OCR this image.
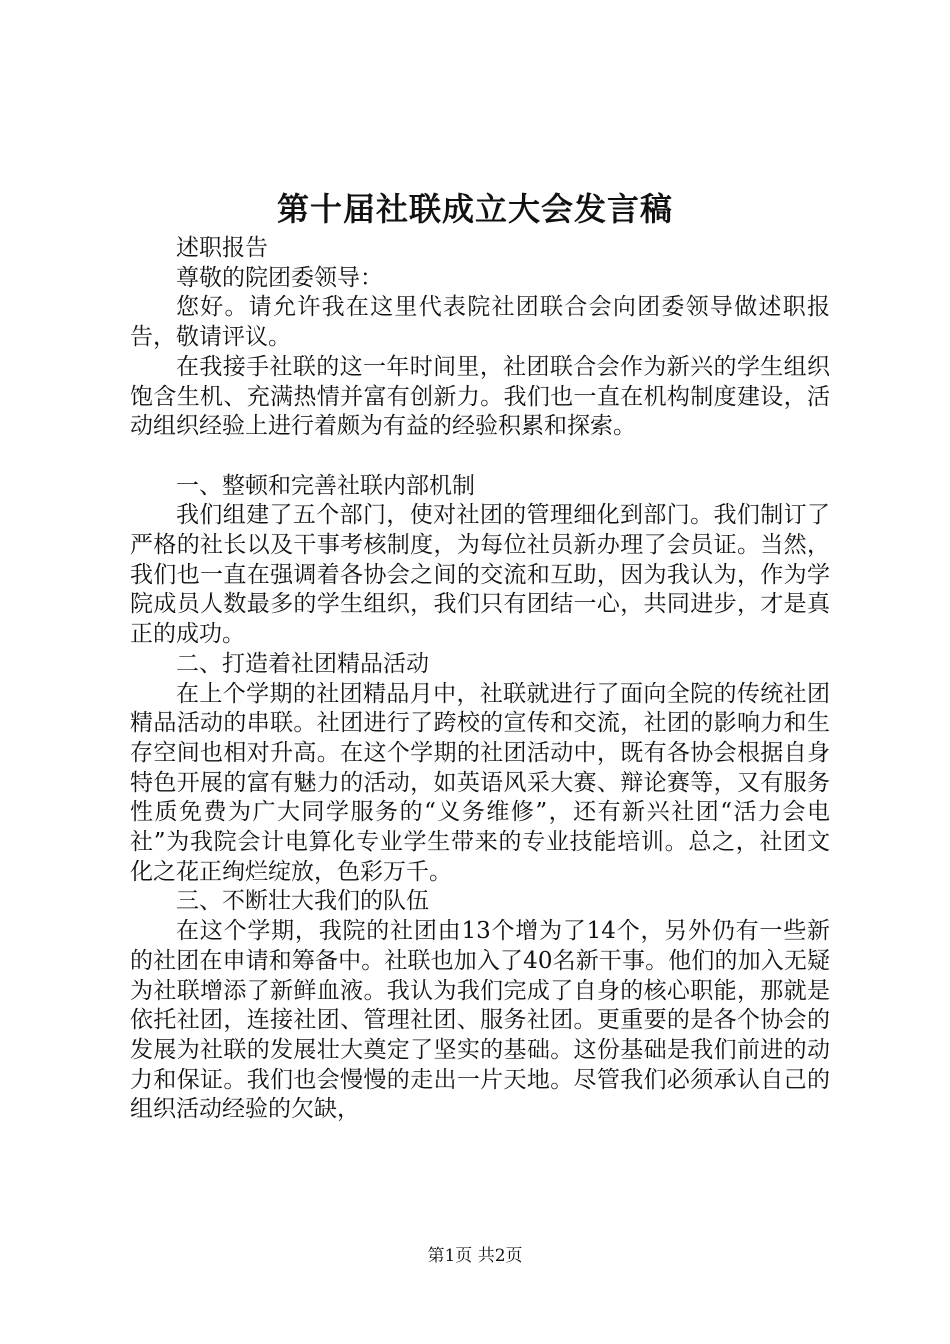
第十届社联成立大会发言稿

述职报告

尊敬的院团委领导：

您好。请允许我在这里代表院社团联合会向团委领导做述职报告，敬请评议。

在我接手社联的这一年时间里，社团联合会作为新兴的学生组织饱含生机、充满热情并富有创新力。我们也一直在机构制度建设，活动组织经验上进行着颇为有益的经验积累和探索。

一、整顿和完善社联内部机制

我们组建了五个部门，使对社团的管理细化到部门。我们制订了严格的社长以及干事考核制度，为每位社员新办理了会员证。当然，我们也一直在强调着各协会之间的交流和互助，因为我认为，作为学院成员人数最多的学生组织，我们只有团结一心，共同进步，才是真正的成功。

二、打造着社团精品活动

在上个学期的社团精品月中，社联就进行了面向全院的传统社团精品活动的串联。社团进行了跨校的宣传和交流，社团的影响力和生存空间也相对升高。在这个学期的社团活动中，既有各协会根据自身特色开展的富有魅力的活动，如英语风采大赛、辩论赛等，又有服务性质免费为广大同学服务的“义务维修”，还有新兴社团“活力会电社”为我院会计电算化专业学生带来的专业技能培训。总之，社团文化之花正绚烂绽放，色彩万千。

三、不断壮大我们的队伍

在这个学期，我院的社团由13个增为了14个，另外仍有一些新的社团在申请和筹备中。社联也加入了40名新干事。他们的加入无疑为社联增添了新鲜血液。我认为我们完成了自身的核心职能，那就是依托社团，连接社团、管理社团、服务社团。更重要的是各个协会的发展为社联的发展壮大奠定了坚实的基础。这份基础是我们前进的动力和保证。我们也会慢慢的走出一片天地。尽管我们必须承认自己的组织活动经验的欠缺，

第1页 共2页
